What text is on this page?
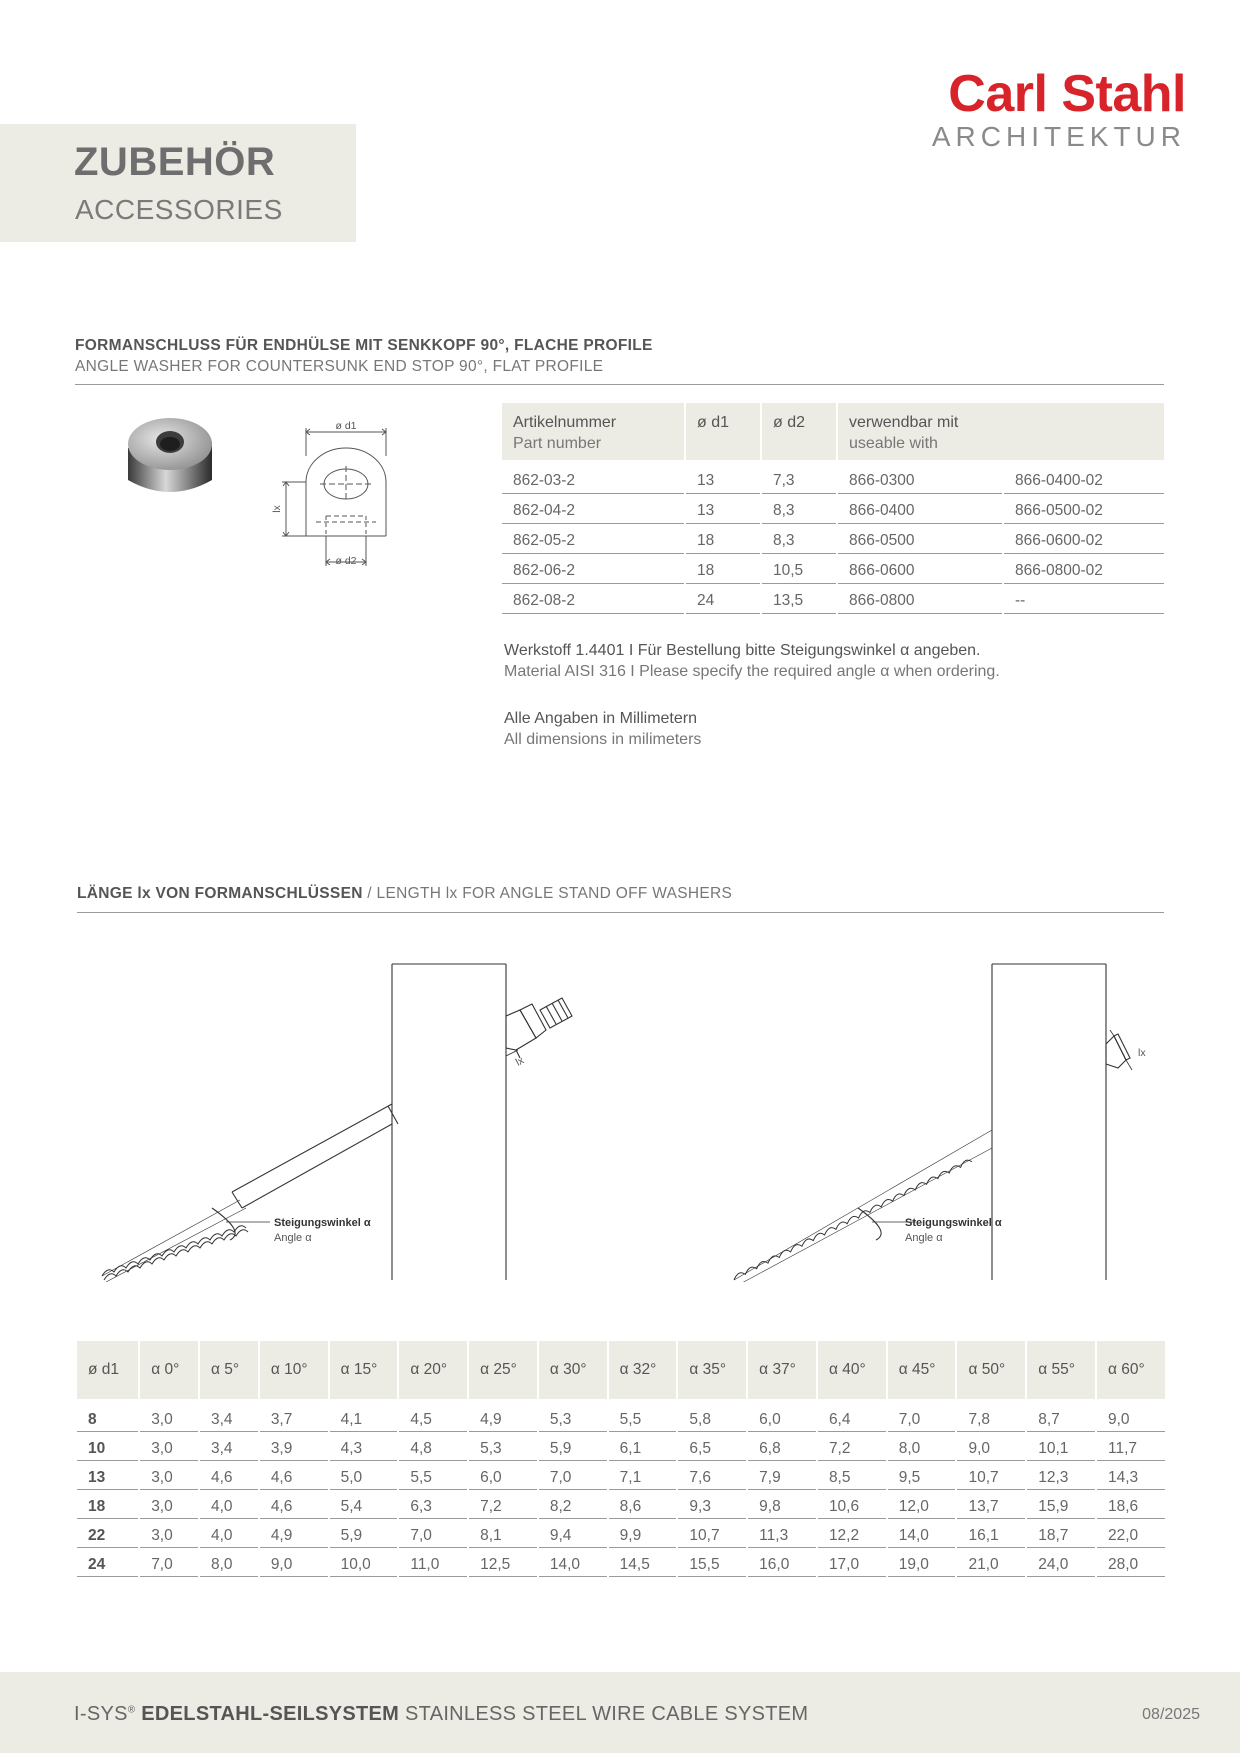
ZUBEHÖR
ACCESSORIES
Carl Stahl
ARCHITEKTUR
FORMANSCHLUSS FÜR ENDHÜLSE MIT SENKKOPF 90°, FLACHE PROFILE
ANGLE WASHER FOR COUNTERSUNK END STOP 90°, FLAT PROFILE
ø d1
ø d2
lx
Artikelnummer
Part number	ø d1	ø d2	verwendbar mit
useable with	

862-03-2	13	7,3	866-0300	866-0400-02
862-04-2	13	8,3	866-0400	866-0500-02
862-05-2	18	8,3	866-0500	866-0600-02
862-06-2	18	10,5	866-0600	866-0800-02
862-08-2	24	13,5	866-0800	--
Werkstoff 1.4401 I Für Bestellung bitte Steigungswinkel α angeben.
Material AISI 316 I Please specify the required angle α when ordering.
Alle Angaben in Millimetern
All dimensions in milimeters
LÄNGE lx VON FORMANSCHLÜSSEN / LENGTH lx FOR ANGLE STAND OFF WASHERS
lx
Steigungswinkel α
Angle α
lx
Steigungswinkel α
Angle α
ø d1	α 0°	α 5°	α 10°	α 15°	α 20°	α 25°	α 30°	α 32°	α 35°	α 37°	α 40°	α 45°	α 50°	α 55°	α 60°
8	3,0	3,4	3,7	4,1	4,5	4,9	5,3	5,5	5,8	6,0	6,4	7,0	7,8	8,7	9,0
10	3,0	3,4	3,9	4,3	4,8	5,3	5,9	6,1	6,5	6,8	7,2	8,0	9,0	10,1	11,7
13	3,0	4,6	4,6	5,0	5,5	6,0	7,0	7,1	7,6	7,9	8,5	9,5	10,7	12,3	14,3
18	3,0	4,0	4,6	5,4	6,3	7,2	8,2	8,6	9,3	9,8	10,6	12,0	13,7	15,9	18,6
22	3,0	4,0	4,9	5,9	7,0	8,1	9,4	9,9	10,7	11,3	12,2	14,0	16,1	18,7	22,0
24	7,0	8,0	9,0	10,0	11,0	12,5	14,0	14,5	15,5	16,0	17,0	19,0	21,0	24,0	28,0
I-SYS® EDELSTAHL-SEILSYSTEM STAINLESS STEEL WIRE CABLE SYSTEM	08/2025
